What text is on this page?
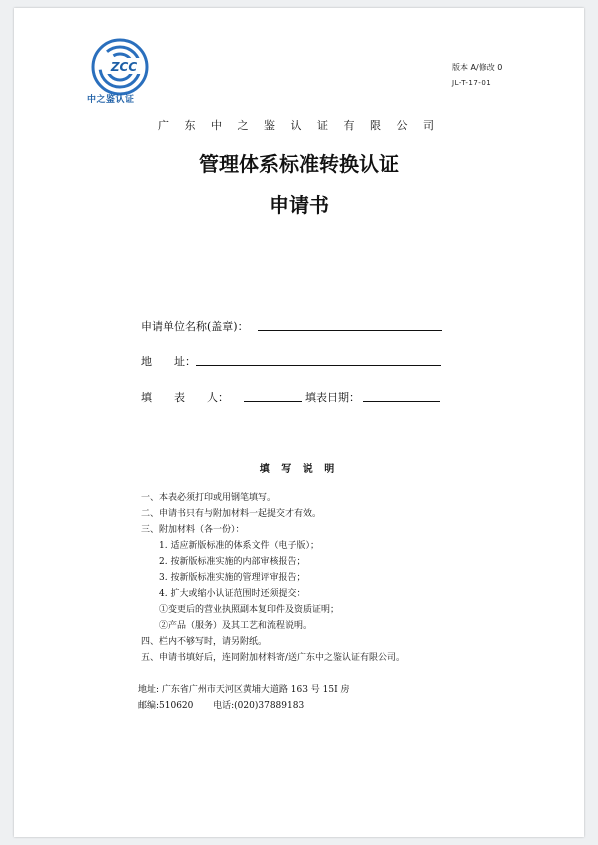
ZCC
中之鉴认证
版本 A/修改 0
JL-T-17-01
广 东 中 之 鉴 认 证 有 限 公 司
管理体系标准转换认证
申请书
申请单位名称(盖章)：
地　　址：
填　　表　　人：	填表日期：
填 写 说 明
一、本表必须打印或用钢笔填写。
二、申请书只有与附加材料一起提交才有效。
三、附加材料（各一份）：
1. 适应新版标准的体系文件（电子版）；
2. 按新版标准实施的内部审核报告；
3. 按新版标准实施的管理评审报告；
4. 扩大或缩小认证范围时还须提交：
①变更后的营业执照副本复印件及资质证明；
②产品（服务）及其工艺和流程说明。
四、栏内不够写时，请另附纸。
五、申请书填好后，连同附加材料寄/送广东中之鉴认证有限公司。
地址: 广东省广州市天河区黄埔大道路 163 号 15I 房
邮编:510620 电话:(020)37889183
